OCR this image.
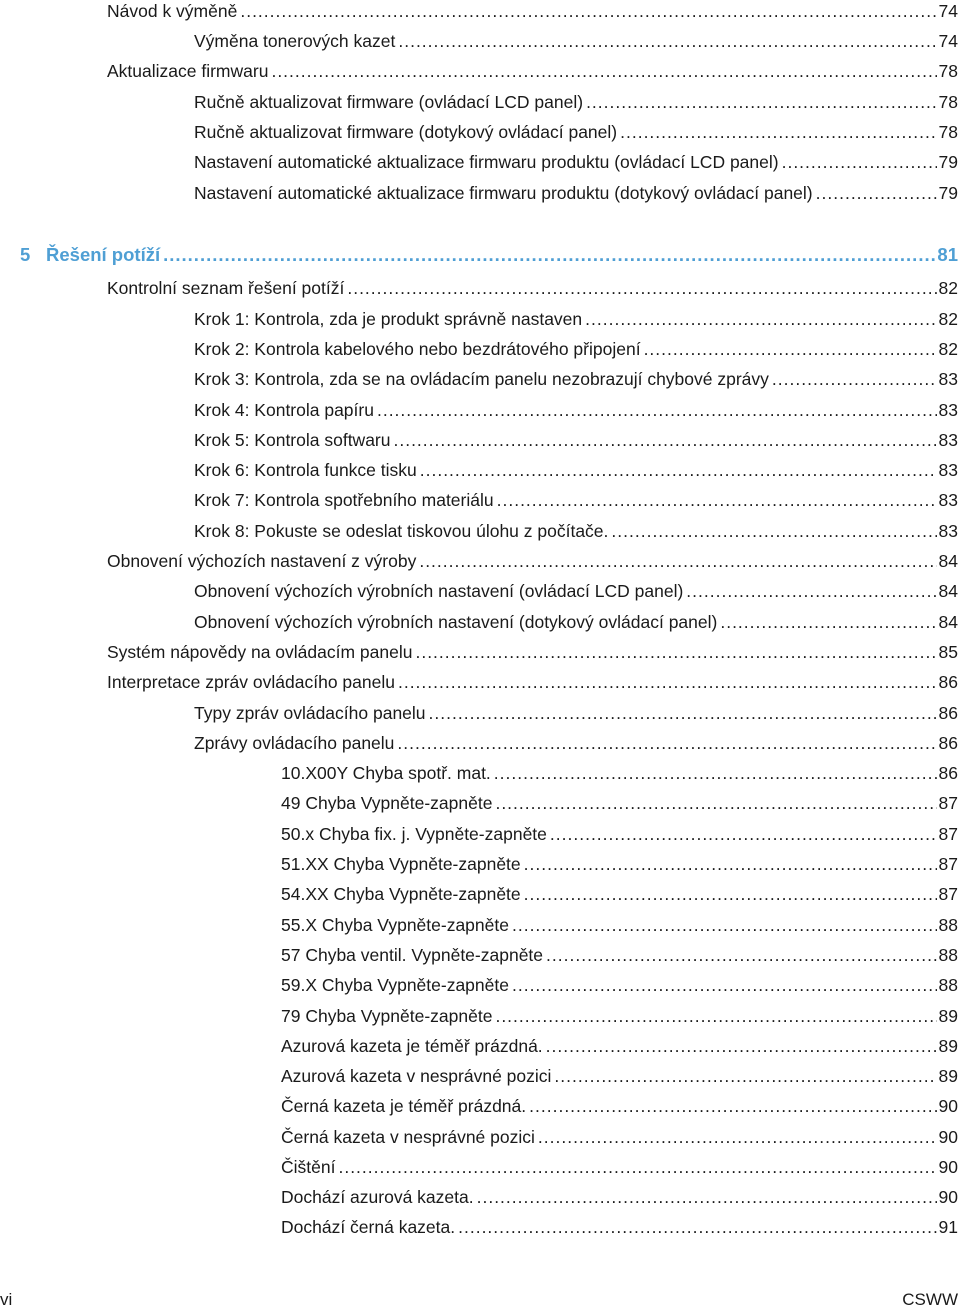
Návod k výměně .....	74
Výměna tonerových kazet .....	74
Aktualizace firmwaru .....	78
Ručně aktualizovat firmware (ovládací LCD panel) .....	78
Ručně aktualizovat firmware (dotykový ovládací panel) .....	78
Nastavení automatické aktualizace firmwaru produktu (ovládací LCD panel) .....	79
Nastavení automatické aktualizace firmwaru produktu (dotykový ovládací panel) .....	79
5 Řešení potíží .....	81
Kontrolní seznam řešení potíží .....	82
Krok 1: Kontrola, zda je produkt správně nastaven .....	82
Krok 2: Kontrola kabelového nebo bezdrátového připojení .....	82
Krok 3: Kontrola, zda se na ovládacím panelu nezobrazují chybové zprávy .....	83
Krok 4: Kontrola papíru .....	83
Krok 5: Kontrola softwaru .....	83
Krok 6: Kontrola funkce tisku .....	83
Krok 7: Kontrola spotřebního materiálu .....	83
Krok 8: Pokuste se odeslat tiskovou úlohu z počítače. .....	83
Obnovení výchozích nastavení z výroby .....	84
Obnovení výchozích výrobních nastavení (ovládací LCD panel) .....	84
Obnovení výchozích výrobních nastavení (dotykový ovládací panel) .....	84
Systém nápovědy na ovládacím panelu .....	85
Interpretace zpráv ovládacího panelu .....	86
Typy zpráv ovládacího panelu .....	86
Zprávy ovládacího panelu .....	86
10.X00Y Chyba spotř. mat. .....	86
49 Chyba Vypněte-zapněte .....	87
50.x Chyba fix. j. Vypněte-zapněte .....	87
51.XX Chyba Vypněte-zapněte .....	87
54.XX Chyba Vypněte-zapněte .....	87
55.X Chyba Vypněte-zapněte .....	88
57 Chyba ventil. Vypněte-zapněte .....	88
59.X Chyba Vypněte-zapněte .....	88
79 Chyba Vypněte-zapněte .....	89
Azurová kazeta je téměř prázdná. .....	89
Azurová kazeta v nesprávné pozici .....	89
Černá kazeta je téměř prázdná. .....	90
Černá kazeta v nesprávné pozici .....	90
Čištění .....	90
Dochází azurová kazeta. .....	90
Dochází černá kazeta. .....	91
vi	CSWW
